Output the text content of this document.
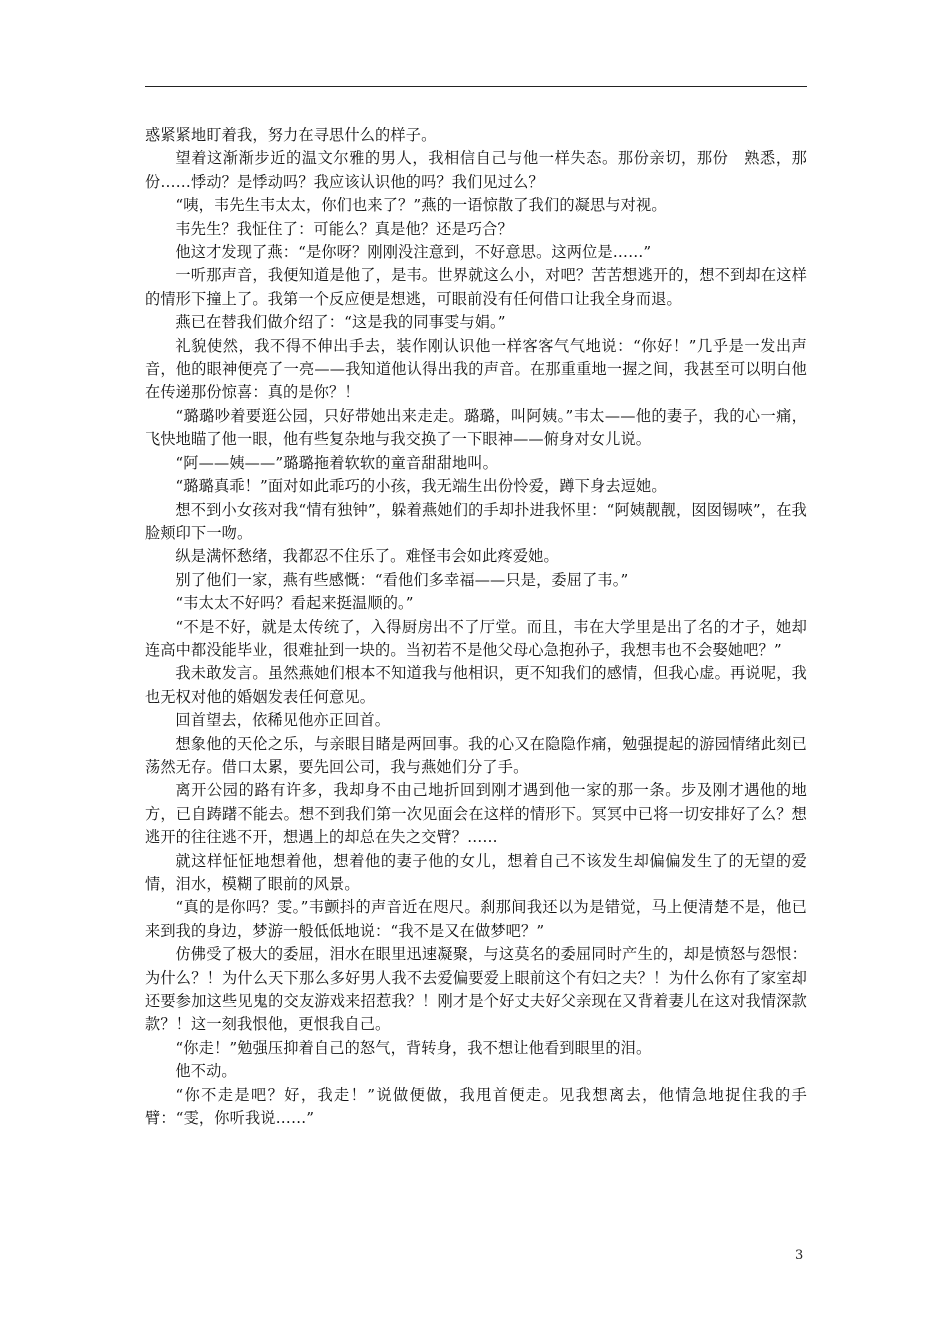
惑紧紧地盯着我，努力在寻思什么的样子。

望着这渐渐步近的温文尔雅的男人，我相信自己与他一样失态。那份亲切，那份　熟悉，那份……悸动？是悸动吗？我应该认识他的吗？我们见过么？

“咦，韦先生韦太太，你们也来了？”燕的一语惊散了我们的凝思与对视。

韦先生？我怔住了：可能么？真是他？还是巧合？

他这才发现了燕：“是你呀？刚刚没注意到，不好意思。这两位是……”

一听那声音，我便知道是他了，是韦。世界就这么小，对吧？苦苦想逃开的，想不到却在这样的情形下撞上了。我第一个反应便是想逃，可眼前没有任何借口让我全身而退。

燕已在替我们做介绍了：“这是我的同事雯与娟。”

礼貌使然，我不得不伸出手去，装作刚认识他一样客客气气地说：“你好！”几乎是一发出声音，他的眼神便亮了一亮——我知道他认得出我的声音。在那重重地一握之间，我甚至可以明白他在传递那份惊喜：真的是你？！

“璐璐吵着要逛公园，只好带她出来走走。璐璐，叫阿姨。”韦太——他的妻子，我的心一痛，飞快地瞄了他一眼，他有些复杂地与我交换了一下眼神——俯身对女儿说。

“阿——姨——”璐璐拖着软软的童音甜甜地叫。

“璐璐真乖！”面对如此乖巧的小孩，我无端生出份怜爱，蹲下身去逗她。

想不到小女孩对我“情有独钟”，躲着燕她们的手却扑进我怀里：“阿姨靓靓，囡囡锡唊”，在我脸颊印下一吻。

纵是满怀愁绪，我都忍不住乐了。难怪韦会如此疼爱她。

别了他们一家，燕有些感慨：“看他们多幸福——只是，委屈了韦。”

“韦太太不好吗？看起来挺温顺的。”

“不是不好，就是太传统了，入得厨房出不了厅堂。而且，韦在大学里是出了名的才子，她却连高中都没能毕业，很难扯到一块的。当初若不是他父母心急抱孙子，我想韦也不会娶她吧？”

我未敢发言。虽然燕她们根本不知道我与他相识，更不知我们的感情，但我心虚。再说呢，我也无权对他的婚姻发表任何意见。

回首望去，依稀见他亦正回首。

想象他的天伦之乐，与亲眼目睹是两回事。我的心又在隐隐作痛，勉强提起的游园情绪此刻已荡然无存。借口太累，要先回公司，我与燕她们分了手。

离开公园的路有许多，我却身不由己地折回到刚才遇到他一家的那一条。步及刚才遇他的地方，已自踌躇不能去。想不到我们第一次见面会在这样的情形下。冥冥中已将一切安排好了么？想逃开的往往逃不开，想遇上的却总在失之交臂？……

就这样怔怔地想着他，想着他的妻子他的女儿，想着自己不该发生却偏偏发生了的无望的爱情，泪水，模糊了眼前的风景。

“真的是你吗？雯。”韦颤抖的声音近在咫尺。刹那间我还以为是错觉，马上便清楚不是，他已来到我的身边，梦游一般低低地说：“我不是又在做梦吧？”

仿佛受了极大的委屈，泪水在眼里迅速凝聚，与这莫名的委屈同时产生的，却是愤怒与怨恨：为什么？！为什么天下那么多好男人我不去爱偏要爱上眼前这个有妇之夫？！为什么你有了家室却还要参加这些见鬼的交友游戏来招惹我？！刚才是个好丈夫好父亲现在又背着妻儿在这对我情深款款？！这一刻我恨他，更恨我自己。

“你走！”勉强压抑着自己的怒气，背转身，我不想让他看到眼里的泪。

他不动。

“你不走是吧？好，我走！”说做便做，我甩首便走。见我想离去，他情急地捉住我的手臂：“雯，你听我说……”

3
